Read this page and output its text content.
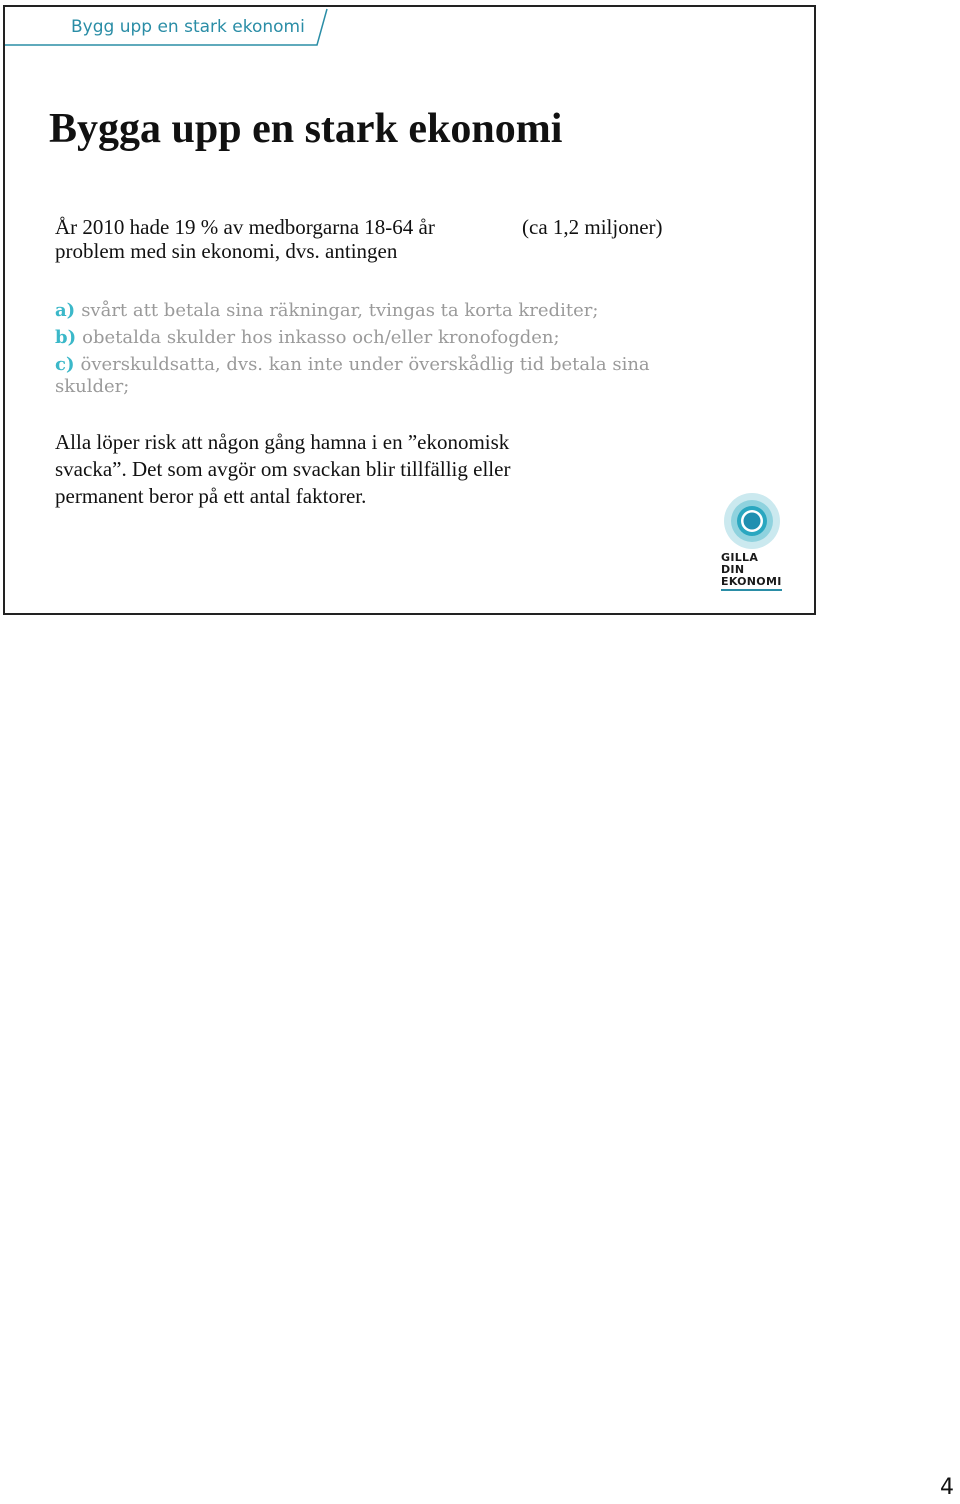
Bygg upp en stark ekonomi
Bygga upp en stark ekonomi
År 2010 hade 19 % av medborgarna 18-64 år	(ca 1,2 miljoner)
problem med sin ekonomi, dvs. antingen
a) svårt att betala sina räkningar, tvingas ta korta krediter;
b) obetalda skulder hos inkasso och/eller kronofogden;
c) överskuldsatta, dvs. kan inte under överskådlig tid betala sina skulder;
Alla löper risk att någon gång hamna i en ”ekonomisk
svacka”. Det som avgör om svackan blir tillfällig eller
permanent beror på ett antal faktorer.
GILLA DIN
EKONOMI
4
